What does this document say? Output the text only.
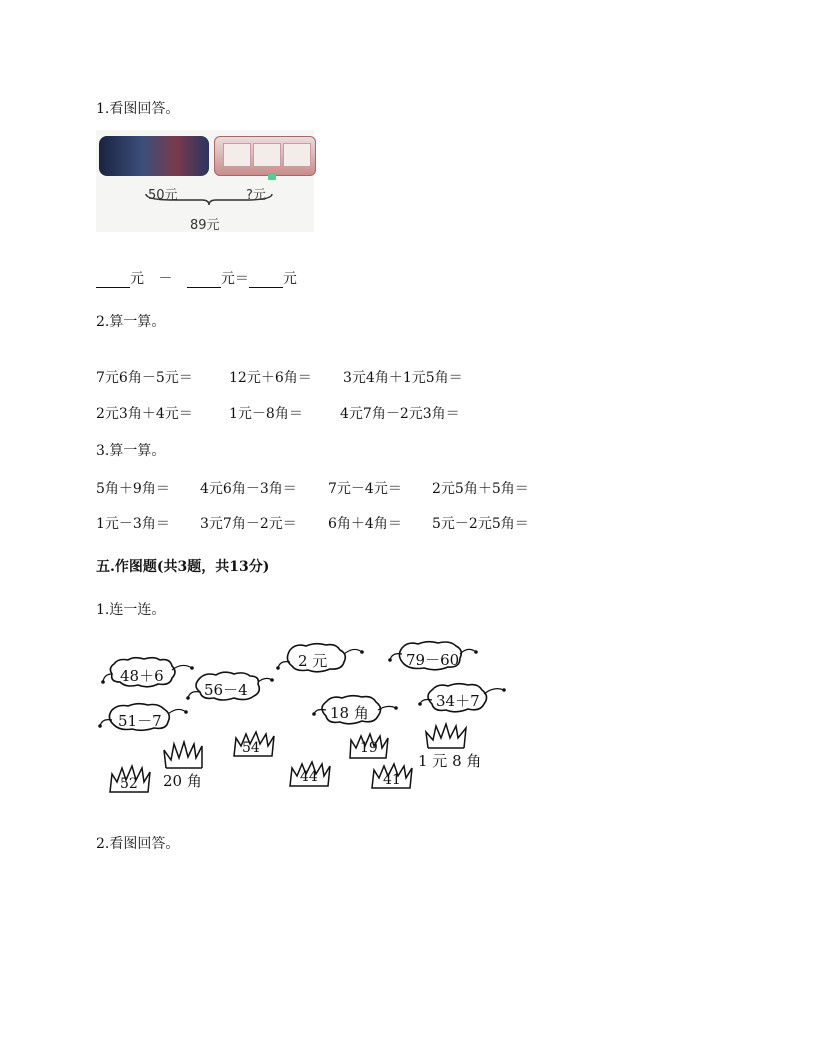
1.看图回答。
50元	?元
89元
元 －	元＝ 元
2.算一算。
7元6角－5元＝	12元＋6角＝ 3元4角＋1元5角＝
2元3角＋4元＝	1元－8角＝	4元7角－2元3角＝
3.算一算。
5角＋9角＝ 4元6角－3角＝ 7元－4元＝ 2元5角＋5角＝
1元－3角＝ 3元7角－2元＝ 6角＋4角＝ 5元－2元5角＝
五.作图题(共3题，共13分)
1.连一连。
48＋6
56－4
2 元	79－60
51－7	18 角
34＋7
20 角
54	19
1 元 8 角
52	44	41
2.看图回答。
